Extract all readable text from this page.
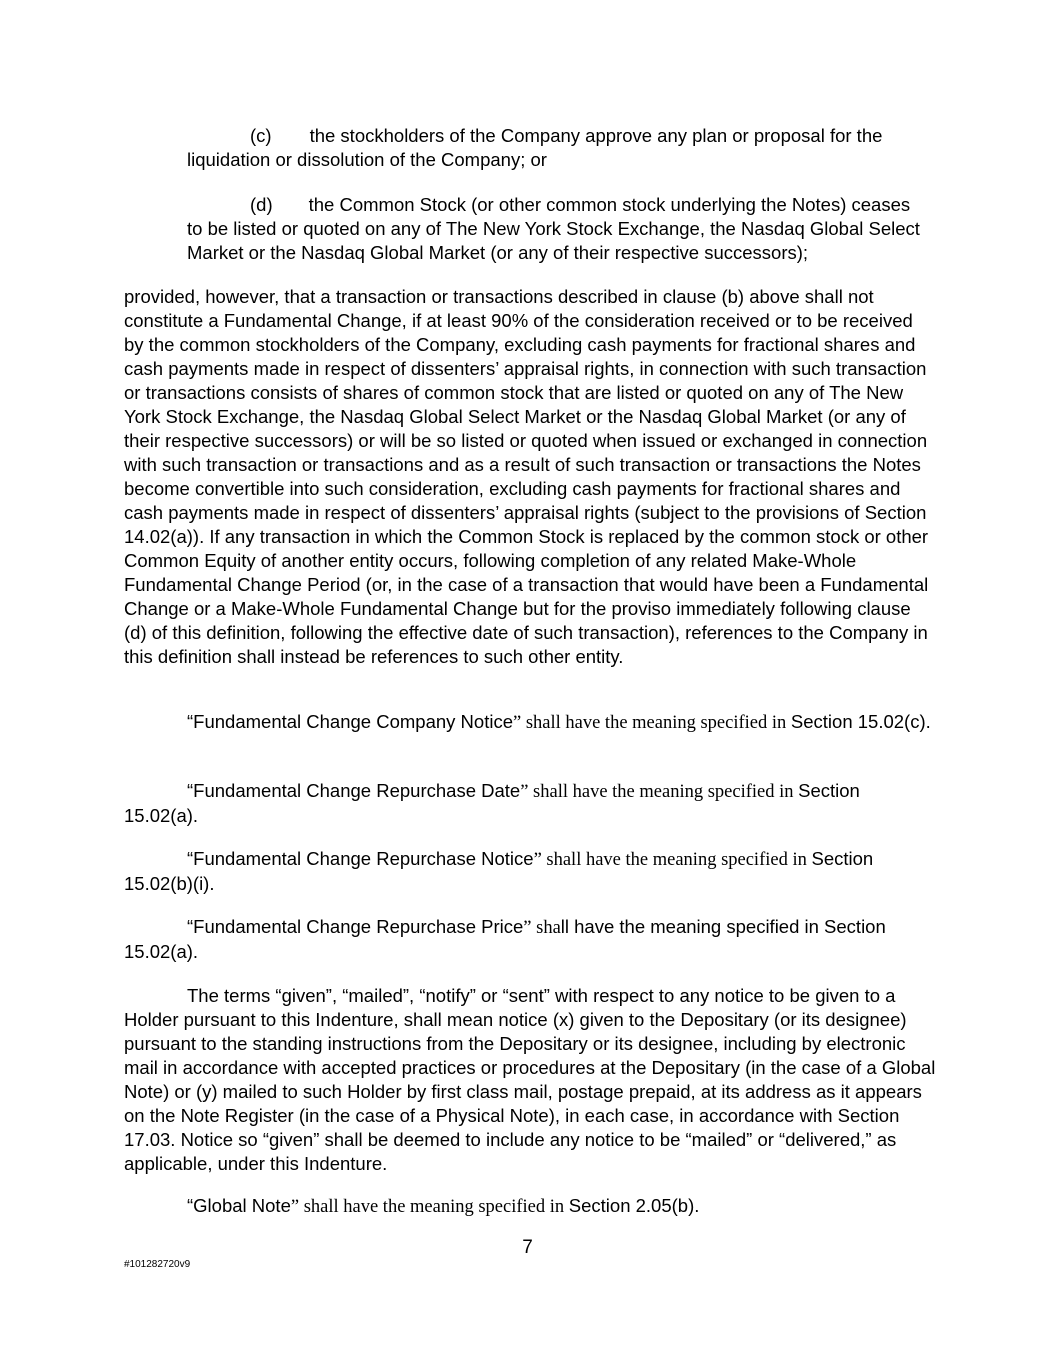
(c) the stockholders of the Company approve any plan or proposal for the liquidation or dissolution of the Company; or

(d) the Common Stock (or other common stock underlying the Notes) ceases to be listed or quoted on any of The New York Stock Exchange, the Nasdaq Global Select Market or the Nasdaq Global Market (or any of their respective successors);

provided, however, that a transaction or transactions described in clause (b) above shall not constitute a Fundamental Change, if at least 90% of the consideration received or to be received by the common stockholders of the Company, excluding cash payments for fractional shares and cash payments made in respect of dissenters’ appraisal rights, in connection with such transaction or transactions consists of shares of common stock that are listed or quoted on any of The New York Stock Exchange, the Nasdaq Global Select Market or the Nasdaq Global Market (or any of their respective successors) or will be so listed or quoted when issued or exchanged in connection with such transaction or transactions and as a result of such transaction or transactions the Notes become convertible into such consideration, excluding cash payments for fractional shares and cash payments made in respect of dissenters’ appraisal rights (subject to the provisions of Section 14.02(a)). If any transaction in which the Common Stock is replaced by the common stock or other Common Equity of another entity occurs, following completion of any related Make-Whole Fundamental Change Period (or, in the case of a transaction that would have been a Fundamental Change or a Make-Whole Fundamental Change but for the proviso immediately following clause (d) of this definition, following the effective date of such transaction), references to the Company in this definition shall instead be references to such other entity.

“Fundamental Change Company Notice” shall have the meaning specified in Section 15.02(c).

“Fundamental Change Repurchase Date” shall have the meaning specified in Section 15.02(a).

“Fundamental Change Repurchase Notice” shall have the meaning specified in Section 15.02(b)(i).

“Fundamental Change Repurchase Price” shall have the meaning specified in Section 15.02(a).

The terms “given”, “mailed”, “notify” or “sent” with respect to any notice to be given to a Holder pursuant to this Indenture, shall mean notice (x) given to the Depositary (or its designee) pursuant to the standing instructions from the Depositary or its designee, including by electronic mail in accordance with accepted practices or procedures at the Depositary (in the case of a Global Note) or (y) mailed to such Holder by first class mail, postage prepaid, at its address as it appears on the Note Register (in the case of a Physical Note), in each case, in accordance with Section 17.03. Notice so “given” shall be deemed to include any notice to be “mailed” or “delivered,” as applicable, under this Indenture.

“Global Note” shall have the meaning specified in Section 2.05(b).

7
#101282720v9
